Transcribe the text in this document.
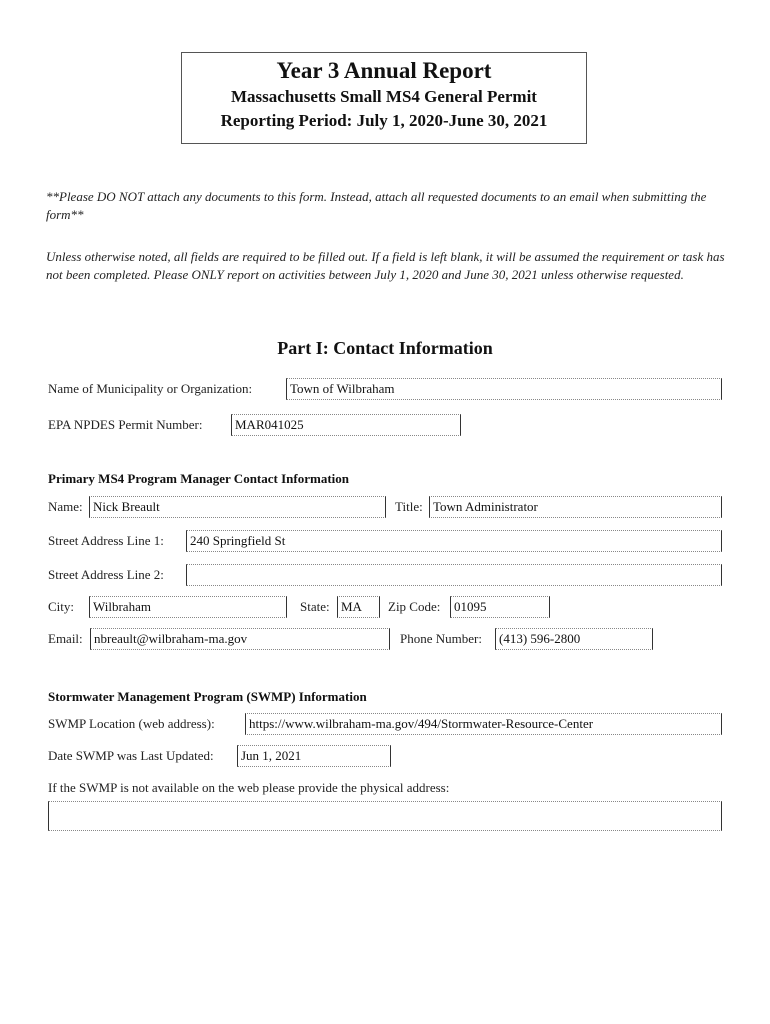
Year 3 Annual Report
Massachusetts Small MS4 General Permit
Reporting Period: July 1, 2020-June 30, 2021
**Please DO NOT attach any documents to this form. Instead, attach all requested documents to an email when submitting the form**
Unless otherwise noted, all fields are required to be filled out. If a field is left blank, it will be assumed the requirement or task has not been completed. Please ONLY report on activities between July 1, 2020 and June 30, 2021 unless otherwise requested.
Part I: Contact Information
Name of Municipality or Organization:	Town of Wilbraham
EPA NPDES Permit Number:	MAR041025
Primary MS4 Program Manager Contact Information
Name: Nick Breault	Title: Town Administrator
Street Address Line 1:	240 Springfield St
Street Address Line 2:
City:	Wilbraham	State: MA	Zip Code:	01095
Email: nbreault@wilbraham-ma.gov	Phone Number:	(413) 596-2800
Stormwater Management Program (SWMP) Information
SWMP Location (web address):	https://www.wilbraham-ma.gov/494/Stormwater-Resource-Center
Date SWMP was Last Updated:	Jun 1, 2021
If the SWMP is not available on the web please provide the physical address:
